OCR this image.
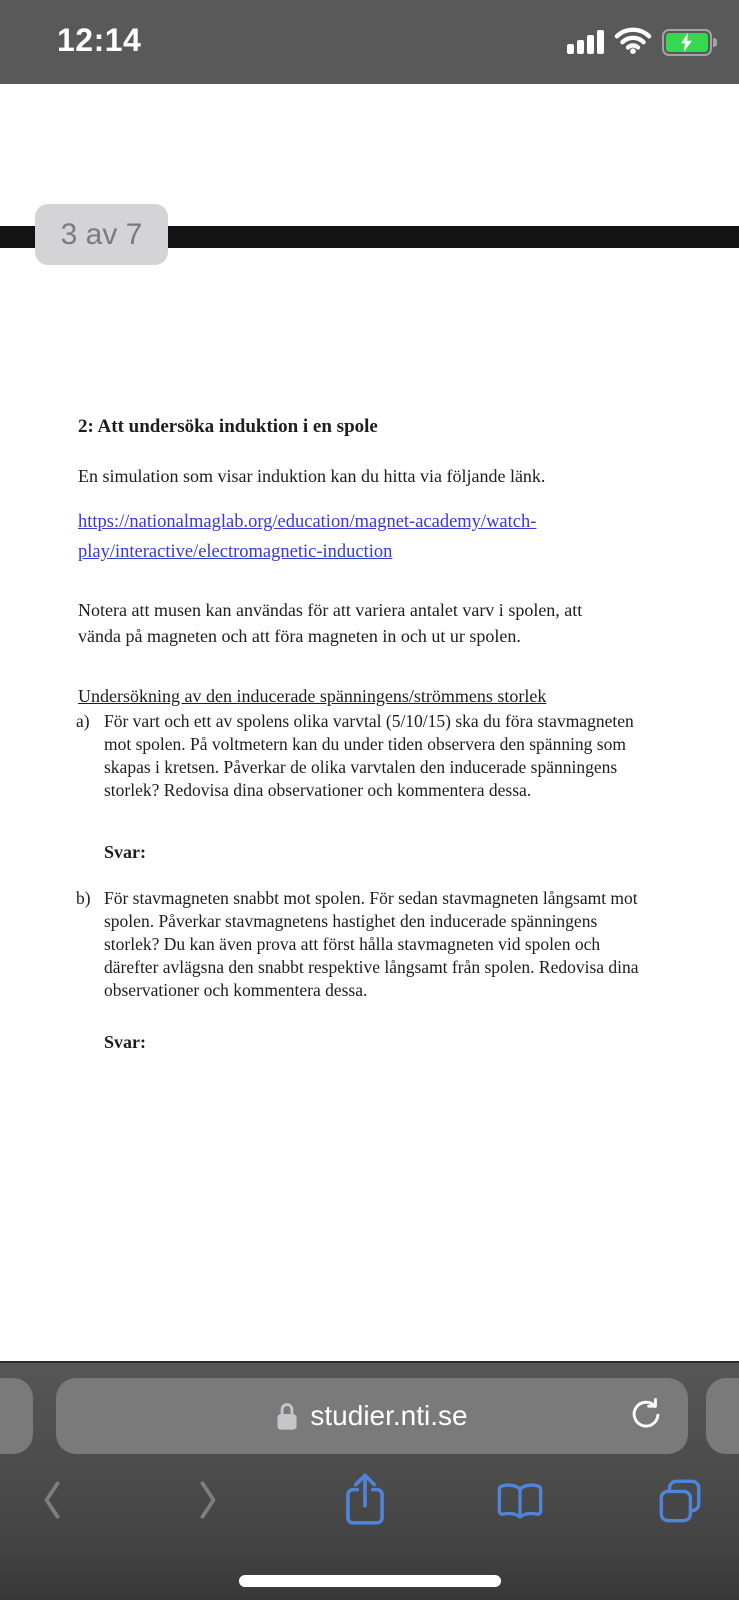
12:14
3 av 7
2: Att undersöka induktion i en spole

En simulation som visar induktion kan du hitta via följande länk.

https://nationalmaglab.org/education/magnet-academy/watch-
play/interactive/electromagnetic-induction

Notera att musen kan användas för att variera antalet varv i spolen, att
vända på magneten och att föra magneten in och ut ur spolen.

Undersökning av den inducerade spänningens/strömmens storlek
a) För vart och ett av spolens olika varvtal (5/10/15) ska du föra stavmagneten
mot spolen. På voltmetern kan du under tiden observera den spänning som
skapas i kretsen. Påverkar de olika varvtalen den inducerade spänningens
storlek? Redovisa dina observationer och kommentera dessa.
Svar:
b) För stavmagneten snabbt mot spolen. För sedan stavmagneten långsamt mot
spolen. Påverkar stavmagnetens hastighet den inducerade spänningens
storlek? Du kan även prova att först hålla stavmagneten vid spolen och
därefter avlägsna den snabbt respektive långsamt från spolen. Redovisa dina
observationer och kommentera dessa.
Svar:
studier.nti.se
